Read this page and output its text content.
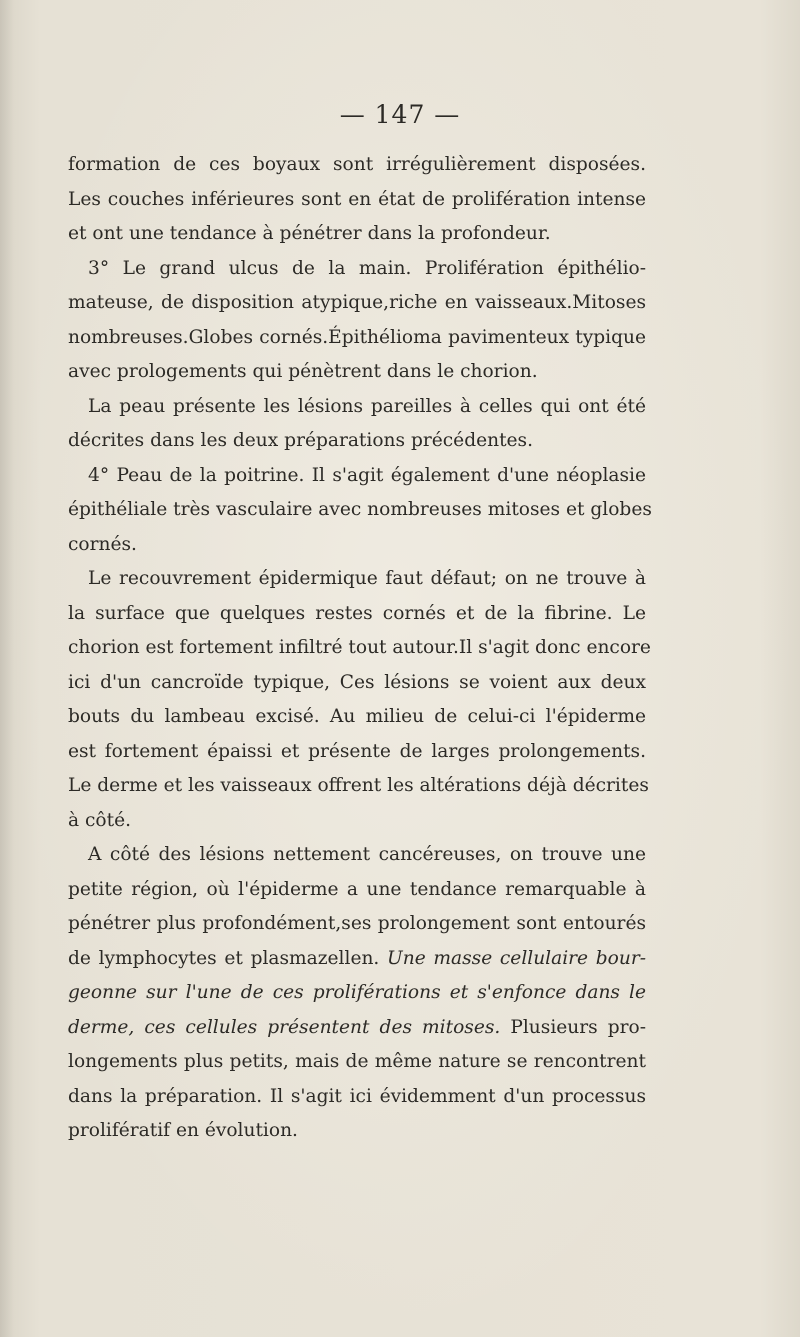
— 147 —
formation de ces boyaux sont irrégulièrement disposées.
Les couches inférieures sont en état de prolifération intense
et ont une tendance à pénétrer dans la profondeur.
3° Le grand ulcus de la main. Prolifération épithélio-
mateuse, de disposition atypique,riche en vaisseaux.Mitoses
nombreuses.Globes cornés.Épithélioma pavimenteux typique
avec prologements qui pénètrent dans le chorion.
La peau présente les lésions pareilles à celles qui ont été
décrites dans les deux préparations précédentes.
4° Peau de la poitrine. Il s'agit également d'une néoplasie
épithéliale très vasculaire avec nombreuses mitoses et globes
cornés.
Le recouvrement épidermique faut défaut; on ne trouve à
la surface que quelques restes cornés et de la fibrine. Le
chorion est fortement infiltré tout autour.Il s'agit donc encore
ici d'un cancroïde typique, Ces lésions se voient aux deux
bouts du lambeau excisé. Au milieu de celui-ci l'épiderme
est fortement épaissi et présente de larges prolongements.
Le derme et les vaisseaux offrent les altérations déjà décrites
à côté.
A côté des lésions nettement cancéreuses, on trouve une
petite région, où l'épiderme a une tendance remarquable à
pénétrer plus profondément,ses prolongement sont entourés
de lymphocytes et plasmazellen. Une masse cellulaire bour-
geonne sur l'une de ces proliférations et s'enfonce dans le
derme, ces cellules présentent des mitoses. Plusieurs pro-
longements plus petits, mais de même nature se rencontrent
dans la préparation. Il s'agit ici évidemment d'un processus
prolifératif en évolution.
